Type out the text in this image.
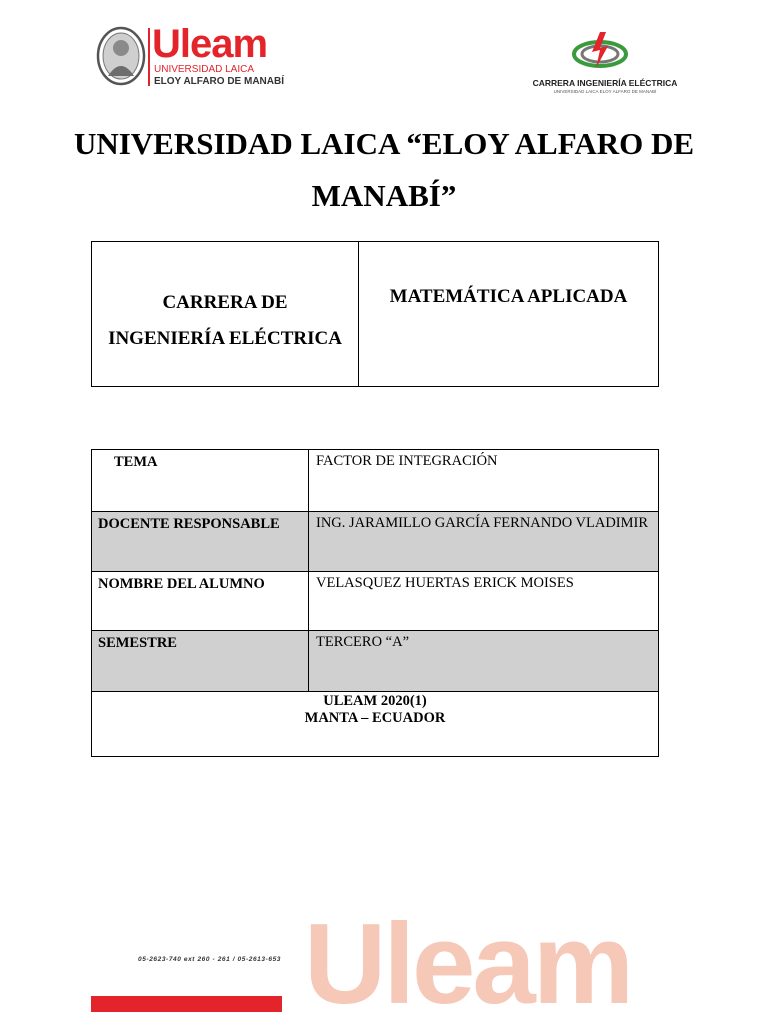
Uleam
UNIVERSIDAD LAICA
ELOY ALFARO DE MANABÍ	CARRERA INGENIERÍA ELÉCTRICA
UNIVERSIDAD LAICA ELOY ALFARO DE MANABÍ
UNIVERSIDAD LAICA “ELOY ALFARO DE
MANABÍ”
CARRERA DE
INGENIERÍA ELÉCTRICA
MATEMÁTICA APLICADA
TEMA	FACTOR DE INTEGRACIÓN
DOCENTE RESPONSABLE	ING. JARAMILLO GARCÍA FERNANDO VLADIMIR
NOMBRE DEL ALUMNO	VELASQUEZ HUERTAS ERICK MOISES
SEMESTRE	TERCERO “A”
ULEAM 2020(1)
MANTA – ECUADOR
05-2623-740 ext 260 - 261 / 05-2613-653 Uleam
